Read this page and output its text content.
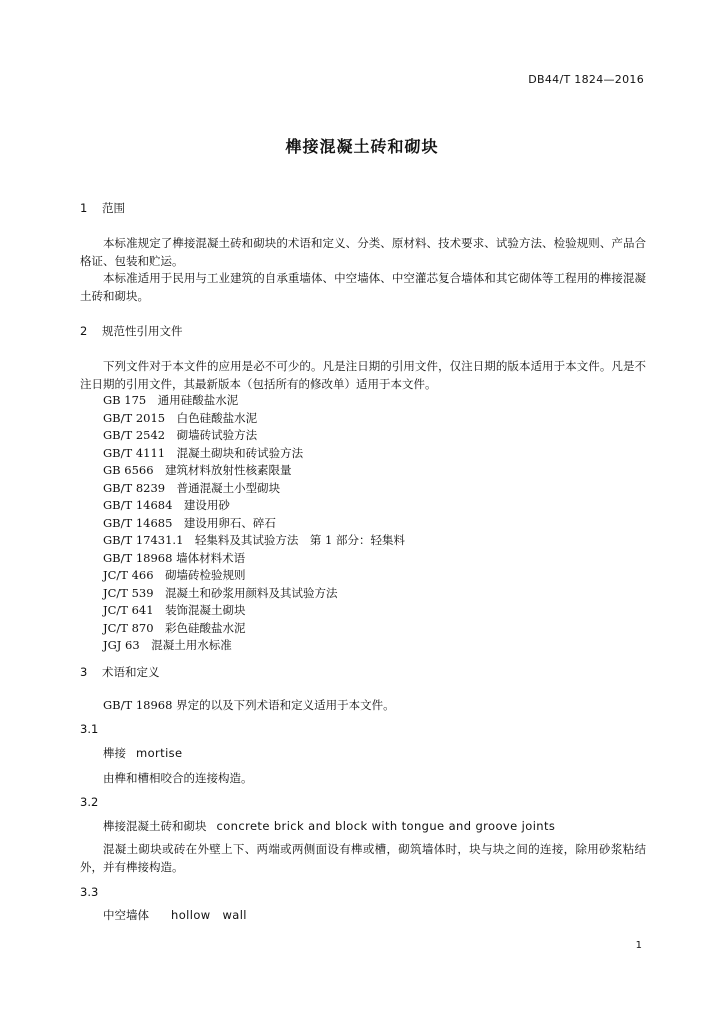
DB44/T 1824—2016
榫接混凝土砖和砌块
1 范围
本标准规定了榫接混凝土砖和砌块的术语和定义、分类、原材料、技术要求、试验方法、检验规则、产品合格证、包装和贮运。
本标准适用于民用与工业建筑的自承重墙体、中空墙体、中空灌芯复合墙体和其它砌体等工程用的榫接混凝土砖和砌块。
2 规范性引用文件
下列文件对于本文件的应用是必不可少的。凡是注日期的引用文件，仅注日期的版本适用于本文件。凡是不注日期的引用文件，其最新版本（包括所有的修改单）适用于本文件。
GB 175　 通用硅酸盐水泥
GB/T 2015　 白色硅酸盐水泥
GB/T 2542　 砌墙砖试验方法
GB/T 4111　 混凝土砌块和砖试验方法
GB 6566　 建筑材料放射性核素限量
GB/T 8239　 普通混凝土小型砌块
GB/T 14684　 建设用砂
GB/T 14685　 建设用卵石、碎石
GB/T 17431.1　 轻集料及其试验方法　第 1 部分：轻集料
GB/T 18968 墙体材料术语
JC/T 466　 砌墙砖检验规则
JC/T 539　 混凝土和砂浆用颜料及其试验方法
JC/T 641　 装饰混凝土砌块
JC/T 870　 彩色硅酸盐水泥
JGJ 63　 混凝土用水标准
3 术语和定义
GB/T 18968 界定的以及下列术语和定义适用于本文件。
3.1
榫接 mortise
由榫和槽相咬合的连接构造。
3.2
榫接混凝土砖和砌块 concrete brick and block with tongue and groove joints
混凝土砌块或砖在外壁上下、两端或两侧面设有榫或槽，砌筑墙体时，块与块之间的连接，除用砂浆粘结外，并有榫接构造。
3.3
中空墙体 hollow　wall
1
